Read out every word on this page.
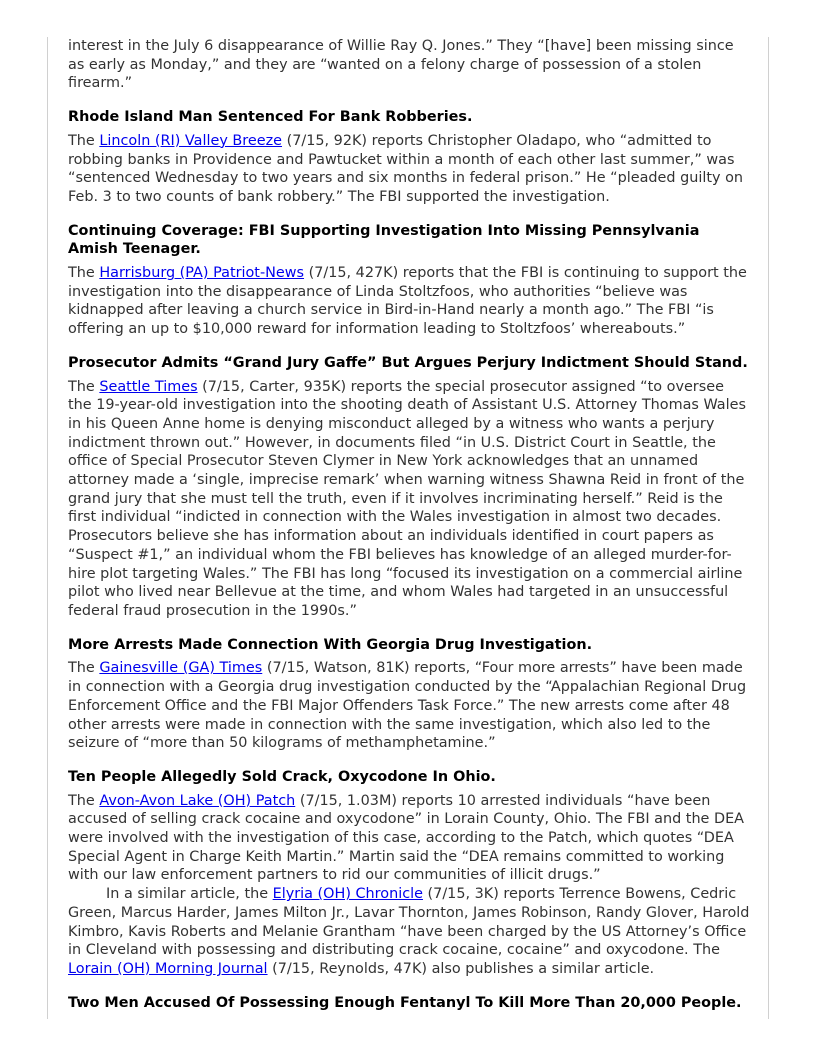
interest in the July 6 disappearance of Willie Ray Q. Jones.” They “[have] been missing since as early as Monday,” and they are “wanted on a felony charge of possession of a stolen firearm.”

Rhode Island Man Sentenced For Bank Robberies.

The Lincoln (RI) Valley Breeze (7/15, 92K) reports Christopher Oladapo, who “admitted to robbing banks in Providence and Pawtucket within a month of each other last summer,” was “sentenced Wednesday to two years and six months in federal prison.” He “pleaded guilty on Feb. 3 to two counts of bank robbery.” The FBI supported the investigation.

Continuing Coverage: FBI Supporting Investigation Into Missing Pennsylvania Amish Teenager.

The Harrisburg (PA) Patriot-News (7/15, 427K) reports that the FBI is continuing to support the investigation into the disappearance of Linda Stoltzfoos, who authorities “believe was kidnapped after leaving a church service in Bird-in-Hand nearly a month ago.” The FBI “is offering an up to $10,000 reward for information leading to Stoltzfoos’ whereabouts.”

Prosecutor Admits “Grand Jury Gaffe” But Argues Perjury Indictment Should Stand.

The Seattle Times (7/15, Carter, 935K) reports the special prosecutor assigned “to oversee the 19-year-old investigation into the shooting death of Assistant U.S. Attorney Thomas Wales in his Queen Anne home is denying misconduct alleged by a witness who wants a perjury indictment thrown out.” However, in documents filed “in U.S. District Court in Seattle, the office of Special Prosecutor Steven Clymer in New York acknowledges that an unnamed attorney made a ‘single, imprecise remark’ when warning witness Shawna Reid in front of the grand jury that she must tell the truth, even if it involves incriminating herself.” Reid is the first individual “indicted in connection with the Wales investigation in almost two decades. Prosecutors believe she has information about an individuals identified in court papers as “Suspect #1,” an individual whom the FBI believes has knowledge of an alleged murder-for-hire plot targeting Wales.” The FBI has long “focused its investigation on a commercial airline pilot who lived near Bellevue at the time, and whom Wales had targeted in an unsuccessful federal fraud prosecution in the 1990s.”

More Arrests Made Connection With Georgia Drug Investigation.

The Gainesville (GA) Times (7/15, Watson, 81K) reports, “Four more arrests” have been made in connection with a Georgia drug investigation conducted by the “Appalachian Regional Drug Enforcement Office and the FBI Major Offenders Task Force.” The new arrests come after 48 other arrests were made in connection with the same investigation, which also led to the seizure of “more than 50 kilograms of methamphetamine.”

Ten People Allegedly Sold Crack, Oxycodone In Ohio.

The Avon-Avon Lake (OH) Patch (7/15, 1.03M) reports 10 arrested individuals “have been accused of selling crack cocaine and oxycodone” in Lorain County, Ohio. The FBI and the DEA were involved with the investigation of this case, according to the Patch, which quotes “DEA Special Agent in Charge Keith Martin.” Martin said the “DEA remains committed to working with our law enforcement partners to rid our communities of illicit drugs.”

In a similar article, the Elyria (OH) Chronicle (7/15, 3K) reports Terrence Bowens, Cedric Green, Marcus Harder, James Milton Jr., Lavar Thornton, James Robinson, Randy Glover, Harold Kimbro, Kavis Roberts and Melanie Grantham “have been charged by the US Attorney’s Office in Cleveland with possessing and distributing crack cocaine, cocaine” and oxycodone. The Lorain (OH) Morning Journal (7/15, Reynolds, 47K) also publishes a similar article.

Two Men Accused Of Possessing Enough Fentanyl To Kill More Than 20,000 People.
